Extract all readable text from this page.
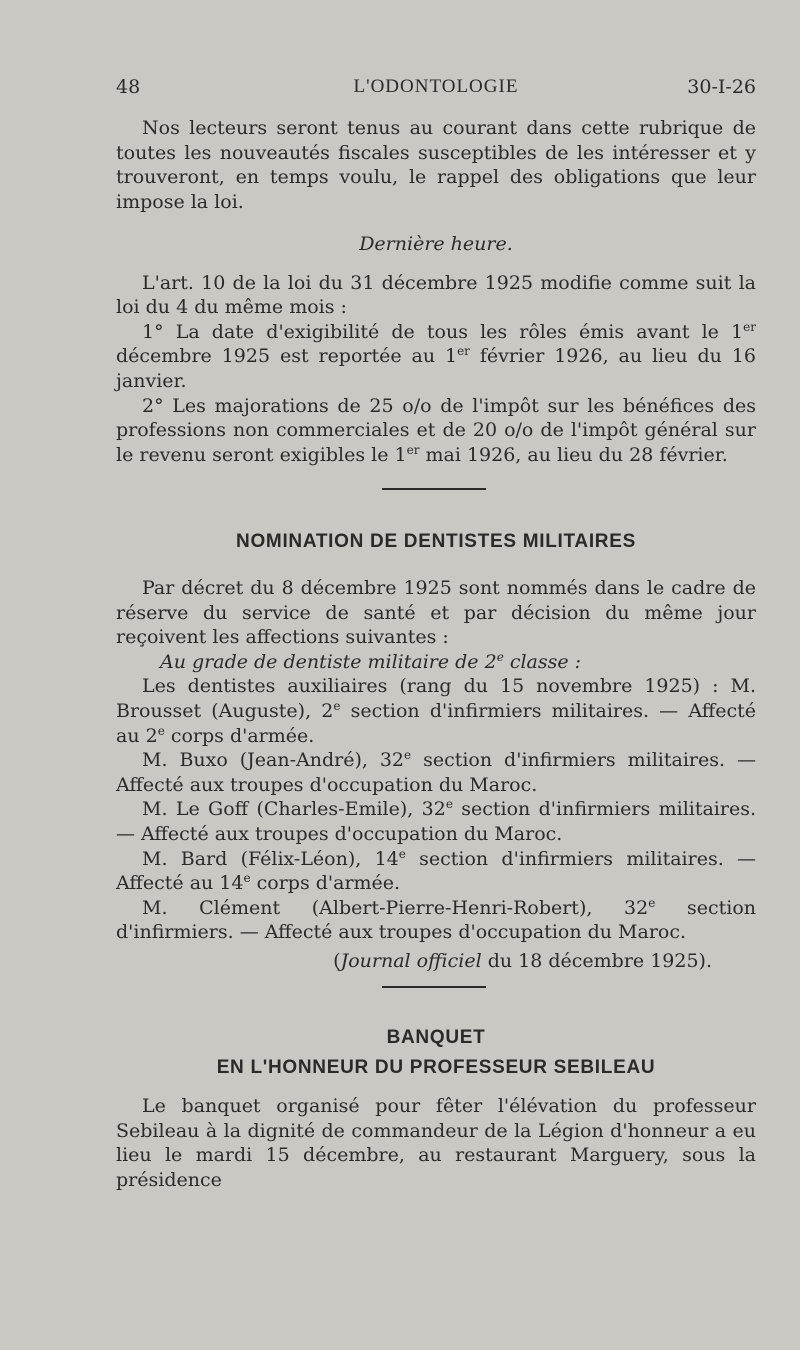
48	L'ODONTOLOGIE	30-I-26

Nos lecteurs seront tenus au courant dans cette rubrique de toutes les nouveautés fiscales susceptibles de les intéresser et y trouveront, en temps voulu, le rappel des obligations que leur impose la loi.

Dernière heure.

L'art. 10 de la loi du 31 décembre 1925 modifie comme suit la loi du 4 du même mois :

1° La date d'exigibilité de tous les rôles émis avant le 1er décembre 1925 est reportée au 1er février 1926, au lieu du 16 janvier.

2° Les majorations de 25 o/o de l'impôt sur les bénéfices des professions non commerciales et de 20 o/o de l'impôt général sur le revenu seront exigibles le 1er mai 1926, au lieu du 28 février.

NOMINATION DE DENTISTES MILITAIRES

Par décret du 8 décembre 1925 sont nommés dans le cadre de réserve du service de santé et par décision du même jour reçoivent les affections suivantes :

Au grade de dentiste militaire de 2e classe :

Les dentistes auxiliaires (rang du 15 novembre 1925) : M. Brousset (Auguste), 2e section d'infirmiers militaires. — Affecté au 2e corps d'armée.

M. Buxo (Jean-André), 32e section d'infirmiers militaires. — Affecté aux troupes d'occupation du Maroc.

M. Le Goff (Charles-Emile), 32e section d'infirmiers militaires. — Affecté aux troupes d'occupation du Maroc.

M. Bard (Félix-Léon), 14e section d'infirmiers militaires. — Affecté au 14e corps d'armée.

M. Clément (Albert-Pierre-Henri-Robert), 32e section d'infirmiers. — Affecté aux troupes d'occupation du Maroc.

(Journal officiel du 18 décembre 1925).

BANQUET

EN L'HONNEUR DU PROFESSEUR SEBILEAU

Le banquet organisé pour fêter l'élévation du professeur Sebileau à la dignité de commandeur de la Légion d'honneur a eu lieu le mardi 15 décembre, au restaurant Marguery, sous la présidence
